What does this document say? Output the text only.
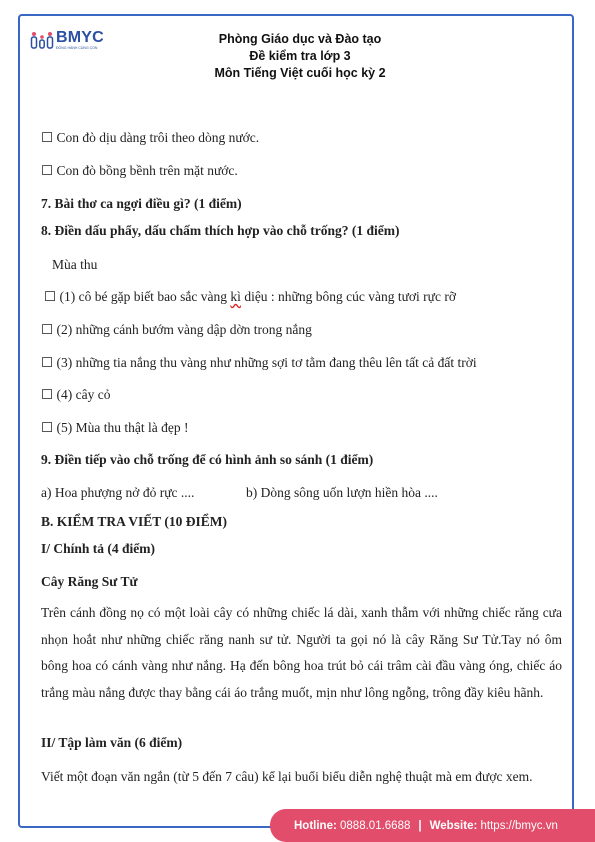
BMYC
ĐỒNG HÀNH CÙNG CON
Phòng Giáo dục và Đào tạo
Đề kiểm tra lớp 3
Môn Tiếng Việt cuối học kỳ 2
☐ Con đò dịu dàng trôi theo dòng nước.
☐ Con đò bồng bềnh trên mặt nước.
7. Bài thơ ca ngợi điều gì? (1 điểm)
8. Điền dấu phẩy, dấu chấm thích hợp vào chỗ trống? (1 điểm)
Mùa thu
☐ (1) cô bé gặp biết bao sắc vàng kì diệu : những bông cúc vàng tươi rực rỡ
☐ (2) những cánh bướm vàng dập dờn trong nắng
☐ (3) những tia nắng thu vàng như những sợi tơ tằm đang thêu lên tất cả đất trời
☐ (4) cây cỏ
☐ (5) Mùa thu thật là đẹp !
9. Điền tiếp vào chỗ trống để có hình ảnh so sánh (1 điểm)
a) Hoa phượng nở đỏ rực ....	b) Dòng sông uốn lượn hiền hòa ....
B. KIỂM TRA VIẾT (10 ĐIỂM)
I/ Chính tả (4 điểm)
Cây Răng Sư Tử
Trên cánh đồng nọ có một loài cây có những chiếc lá dài, xanh thẫm với những chiếc răng cưa nhọn hoắt như những chiếc răng nanh sư tử. Người ta gọi nó là cây Răng Sư Tử.Tay nó ôm bông hoa có cánh vàng như nắng. Hạ đến bông hoa trút bỏ cái trâm cài đầu vàng óng, chiếc áo trắng màu nắng được thay bằng cái áo trắng muốt, mịn như lông ngỗng, trông đầy kiêu hãnh.
II/ Tập làm văn (6 điểm)
Viết một đoạn văn ngắn (từ 5 đến 7 câu) kể lại buổi biểu diễn nghệ thuật mà em được xem.
Hotline:
0888.01.6688 | Website:
https://bmyc.vn
